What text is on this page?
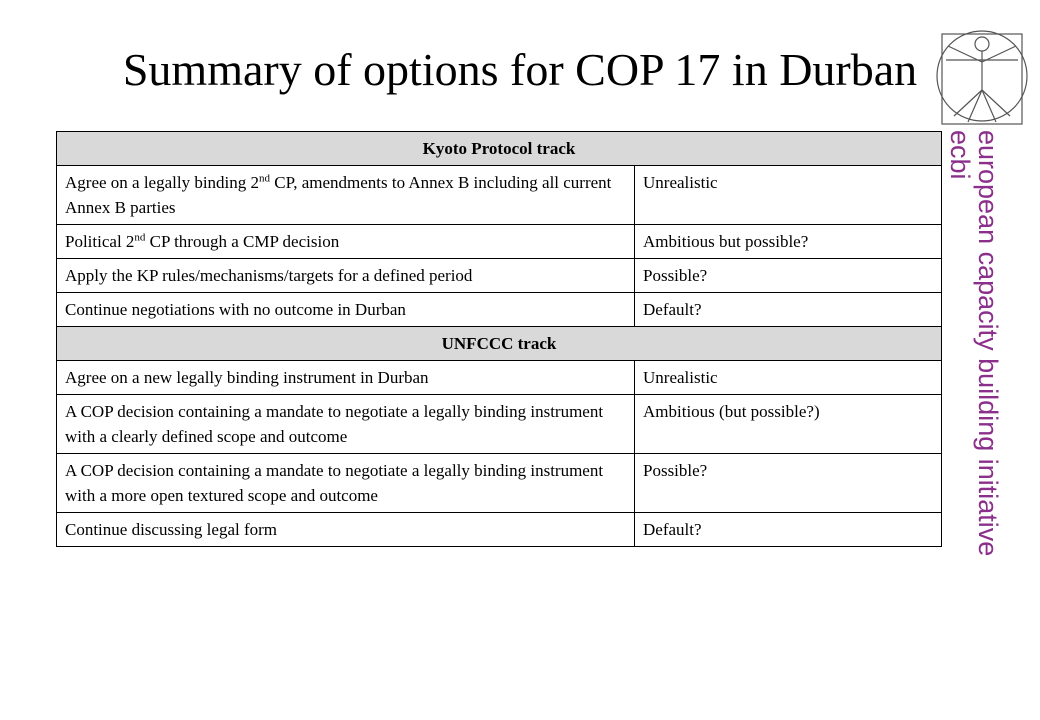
Summary of options for COP 17 in Durban
european capacity building initiative
ecbi
Kyoto Protocol track	
Agree on a legally binding 2nd CP, amendments to Annex B including all current Annex B parties	Unrealistic
Political 2nd CP through a CMP decision	Ambitious but possible?
Apply the KP rules/mechanisms/targets for a defined period	Possible?
Continue negotiations with no outcome in Durban	Default?
UNFCCC track	
Agree on a new legally binding instrument in Durban	Unrealistic
A COP decision containing a mandate to negotiate a legally binding instrument with a clearly defined scope and outcome	Ambitious (but possible?)
A COP decision containing a mandate to negotiate a legally binding instrument with a more open textured scope and outcome	Possible?
Continue discussing legal form	Default?
